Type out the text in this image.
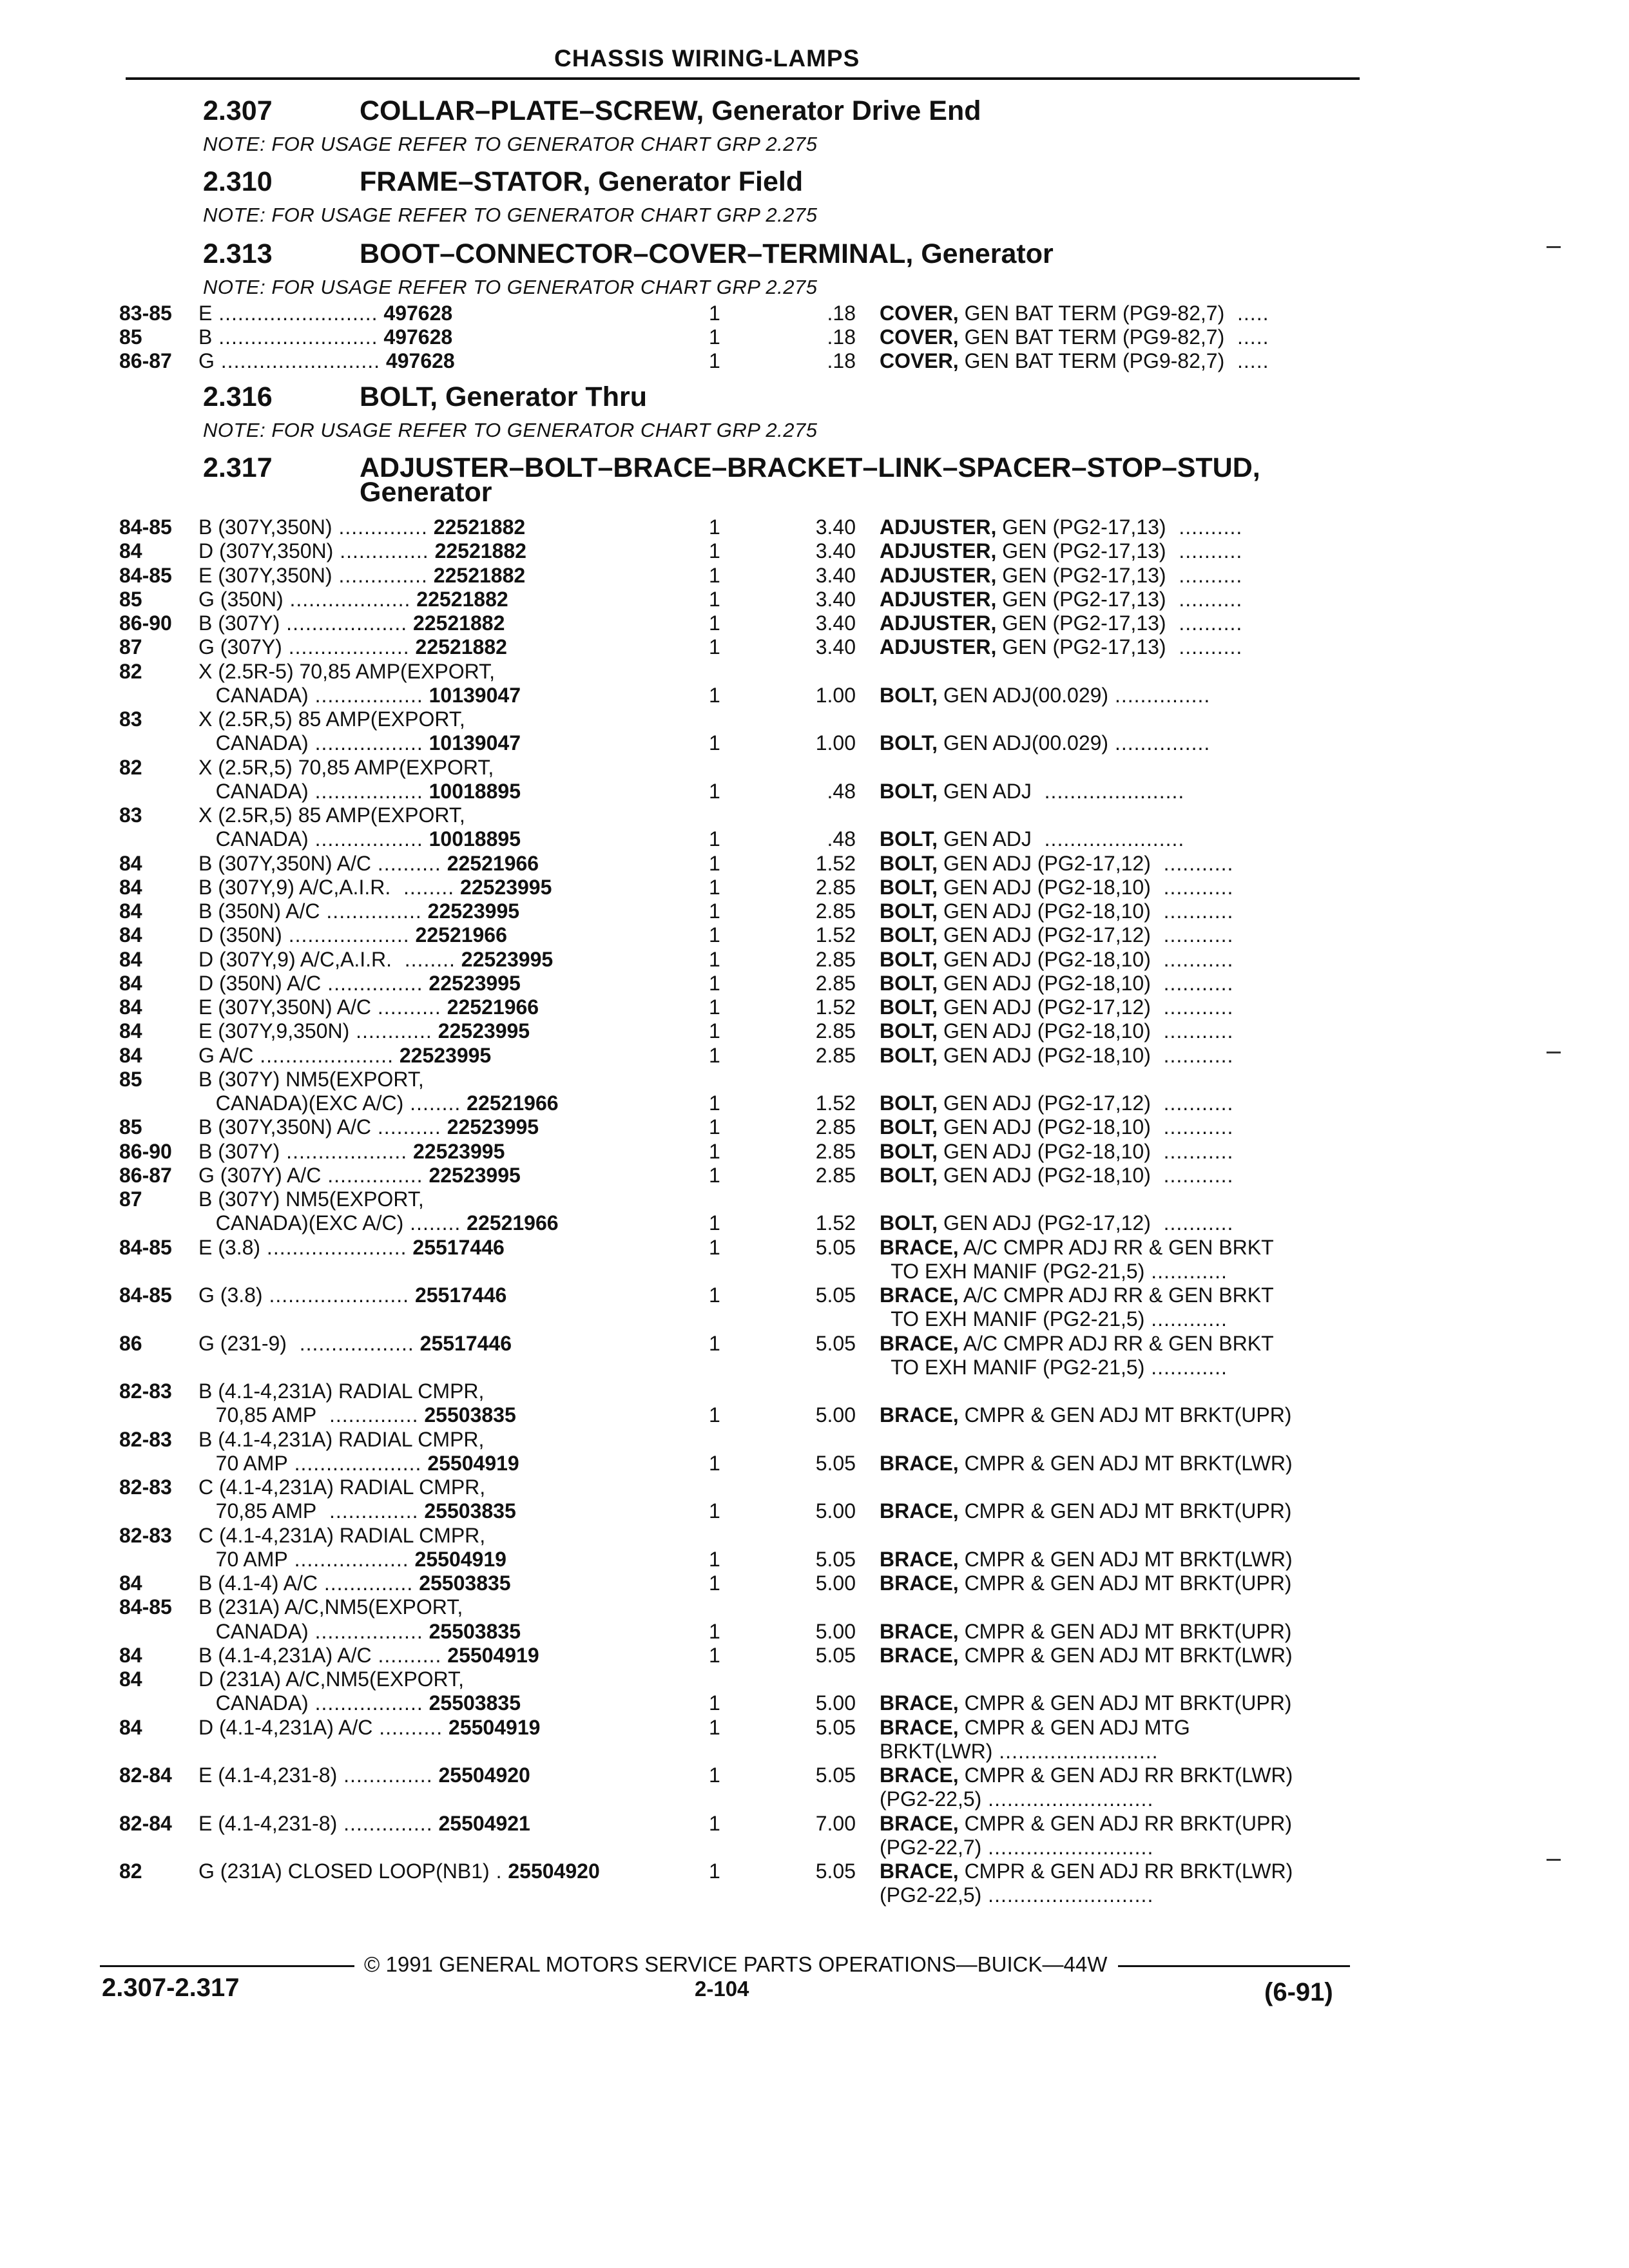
CHASSIS WIRING-LAMPS
2.307	COLLAR–PLATE–SCREW, Generator Drive End
NOTE: FOR USAGE REFER TO GENERATOR CHART GRP 2.275
2.310	FRAME–STATOR, Generator Field
NOTE: FOR USAGE REFER TO GENERATOR CHART GRP 2.275
2.313	BOOT–CONNECTOR–COVER–TERMINAL, Generator
NOTE: FOR USAGE REFER TO GENERATOR CHART GRP 2.275
83-85 E ......................... 497628	1	.18 COVER, GEN BAT TERM (PG9-82,7)  .....
85	B ......................... 497628	1	.18 COVER, GEN BAT TERM (PG9-82,7)  .....
86-87 G ......................... 497628	1	.18 COVER, GEN BAT TERM (PG9-82,7)  .....
2.316	BOLT, Generator Thru
NOTE: FOR USAGE REFER TO GENERATOR CHART GRP 2.275
2.317	ADJUSTER–BOLT–BRACE–BRACKET–LINK–SPACER–STOP–STUD,
Generator
84-85 B (307Y,350N) .............. 22521882	1	3.40 ADJUSTER, GEN (PG2-17,13)  ..........
84	D (307Y,350N) .............. 22521882	1	3.40 ADJUSTER, GEN (PG2-17,13)  ..........
84-85 E (307Y,350N) .............. 22521882	1	3.40 ADJUSTER, GEN (PG2-17,13)  ..........
85	G (350N) ................... 22521882	1	3.40 ADJUSTER, GEN (PG2-17,13)  ..........
86-90 B (307Y) ................... 22521882	1	3.40 ADJUSTER, GEN (PG2-17,13)  ..........
87	G (307Y) ................... 22521882	1	3.40 ADJUSTER, GEN (PG2-17,13)  ..........
82	X (2.5R-5) 70,85 AMP(EXPORT,
CANADA) ................. 10139047	1	1.00 BOLT, GEN ADJ(00.029) ...............
83	X (2.5R,5) 85 AMP(EXPORT,
CANADA) ................. 10139047	1	1.00 BOLT, GEN ADJ(00.029) ...............
82	X (2.5R,5) 70,85 AMP(EXPORT,
CANADA) ................. 10018895	1	.48 BOLT, GEN ADJ  ......................
83	X (2.5R,5) 85 AMP(EXPORT,
CANADA) ................. 10018895	1	.48 BOLT, GEN ADJ  ......................
84	B (307Y,350N) A/C .......... 22521966	1	1.52 BOLT, GEN ADJ (PG2-17,12)  ...........
84	B (307Y,9) A/C,A.I.R.  ........ 22523995	1	2.85 BOLT, GEN ADJ (PG2-18,10)  ...........
84	B (350N) A/C ............... 22523995	1	2.85 BOLT, GEN ADJ (PG2-18,10)  ...........
84	D (350N) ................... 22521966	1	1.52 BOLT, GEN ADJ (PG2-17,12)  ...........
84	D (307Y,9) A/C,A.I.R.  ........ 22523995	1	2.85 BOLT, GEN ADJ (PG2-18,10)  ...........
84	D (350N) A/C ............... 22523995	1	2.85 BOLT, GEN ADJ (PG2-18,10)  ...........
84	E (307Y,350N) A/C .......... 22521966	1	1.52 BOLT, GEN ADJ (PG2-17,12)  ...........
84	E (307Y,9,350N) ............ 22523995	1	2.85 BOLT, GEN ADJ (PG2-18,10)  ...........
84	G A/C ..................... 22523995	1	2.85 BOLT, GEN ADJ (PG2-18,10)  ...........
85	B (307Y) NM5(EXPORT,
CANADA)(EXC A/C) ........ 22521966	1	1.52 BOLT, GEN ADJ (PG2-17,12)  ...........
85	B (307Y,350N) A/C .......... 22523995	1	2.85 BOLT, GEN ADJ (PG2-18,10)  ...........
86-90 B (307Y) ................... 22523995	1	2.85 BOLT, GEN ADJ (PG2-18,10)  ...........
86-87 G (307Y) A/C ............... 22523995	1	2.85 BOLT, GEN ADJ (PG2-18,10)  ...........
87	B (307Y) NM5(EXPORT,
CANADA)(EXC A/C) ........ 22521966	1	1.52 BOLT, GEN ADJ (PG2-17,12)  ...........
84-85 E (3.8) ...................... 25517446	1	5.05 BRACE, A/C CMPR ADJ RR & GEN BRKT
TO EXH MANIF (PG2-21,5) ............
84-85 G (3.8) ...................... 25517446	1	5.05 BRACE, A/C CMPR ADJ RR & GEN BRKT
TO EXH MANIF (PG2-21,5) ............
86	G (231-9)  .................. 25517446	1	5.05 BRACE, A/C CMPR ADJ RR & GEN BRKT
TO EXH MANIF (PG2-21,5) ............
82-83 B (4.1-4,231A) RADIAL CMPR,
70,85 AMP  .............. 25503835	1	5.00 BRACE, CMPR & GEN ADJ MT BRKT(UPR)
82-83 B (4.1-4,231A) RADIAL CMPR,
70 AMP .................... 25504919	1	5.05 BRACE, CMPR & GEN ADJ MT BRKT(LWR)
82-83 C (4.1-4,231A) RADIAL CMPR,
70,85 AMP  .............. 25503835	1	5.00 BRACE, CMPR & GEN ADJ MT BRKT(UPR)
82-83 C (4.1-4,231A) RADIAL CMPR,
70 AMP .................. 25504919	1	5.05 BRACE, CMPR & GEN ADJ MT BRKT(LWR)
84	B (4.1-4) A/C .............. 25503835	1	5.00 BRACE, CMPR & GEN ADJ MT BRKT(UPR)
84-85 B (231A) A/C,NM5(EXPORT,
CANADA) ................. 25503835	1	5.00 BRACE, CMPR & GEN ADJ MT BRKT(UPR)
84	B (4.1-4,231A) A/C .......... 25504919	1	5.05 BRACE, CMPR & GEN ADJ MT BRKT(LWR)
84	D (231A) A/C,NM5(EXPORT,
CANADA) ................. 25503835	1	5.00 BRACE, CMPR & GEN ADJ MT BRKT(UPR)
84	D (4.1-4,231A) A/C .......... 25504919	1	5.05 BRACE, CMPR & GEN ADJ MTG
BRKT(LWR) .........................
82-84 E (4.1-4,231-8) .............. 25504920	1	5.05 BRACE, CMPR & GEN ADJ RR BRKT(LWR)
(PG2-22,5) ..........................
82-84 E (4.1-4,231-8) .............. 25504921	1	7.00 BRACE, CMPR & GEN ADJ RR BRKT(UPR)
(PG2-22,7) ..........................
82	G (231A) CLOSED LOOP(NB1) . 25504920	1	5.05 BRACE, CMPR & GEN ADJ RR BRKT(LWR)
(PG2-22,5) ..........................
© 1991 GENERAL MOTORS SERVICE PARTS OPERATIONS—BUICK—44W
2.307-2.317	2-104	(6-91)
